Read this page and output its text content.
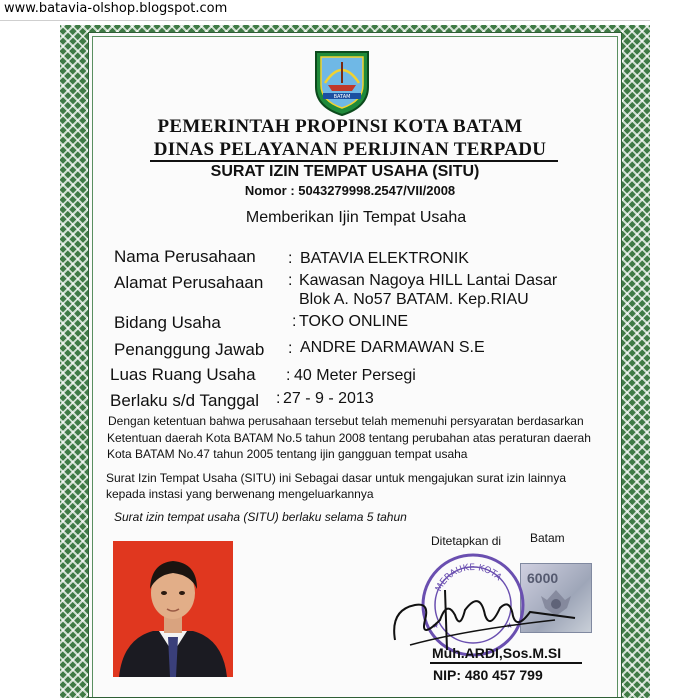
www.batavia-olshop.blogspot.com
BATAM
PEMERINTAH PROPINSI KOTA BATAM
DINAS PELAYANAN PERIJINAN TERPADU
SURAT IZIN TEMPAT USAHA (SITU)
Nomor : 5043279998.2547/VII/2008
Memberikan Ijin Tempat Usaha
Nama Perusahaan : BATAVIA ELEKTRONIK
Alamat Perusahaan : Kawasan Nagoya HILL Lantai Dasar
Blok A. No57 BATAM. Kep.RIAU
Bidang Usaha	: TOKO ONLINE
Penanggung Jawab : ANDRE DARMAWAN S.E
Luas Ruang Usaha : 40 Meter Persegi
Berlaku s/d Tanggal : 27 - 9 - 2013
Dengan ketentuan bahwa perusahaan tersebut telah memenuhi persyaratan berdasarkan
Ketentuan daerah Kota BATAM No.5 tahun 2008 tentang perubahan atas peraturan daerah
Kota BATAM No.47 tahun 2005 tentang ijin gangguan tempat usaha
Surat Izin Tempat Usaha (SITU) ini Sebagai dasar untuk mengajukan surat izin lainnya
kepada instasi yang berwenang mengeluarkannya
Surat izin tempat usaha (SITU) berlaku selama 5 tahun
Ditetapkan di Batam
6000
MERAUKE KOTA
★	★
Muh.ARDI,Sos.M.SI
NIP: 480 457 799
